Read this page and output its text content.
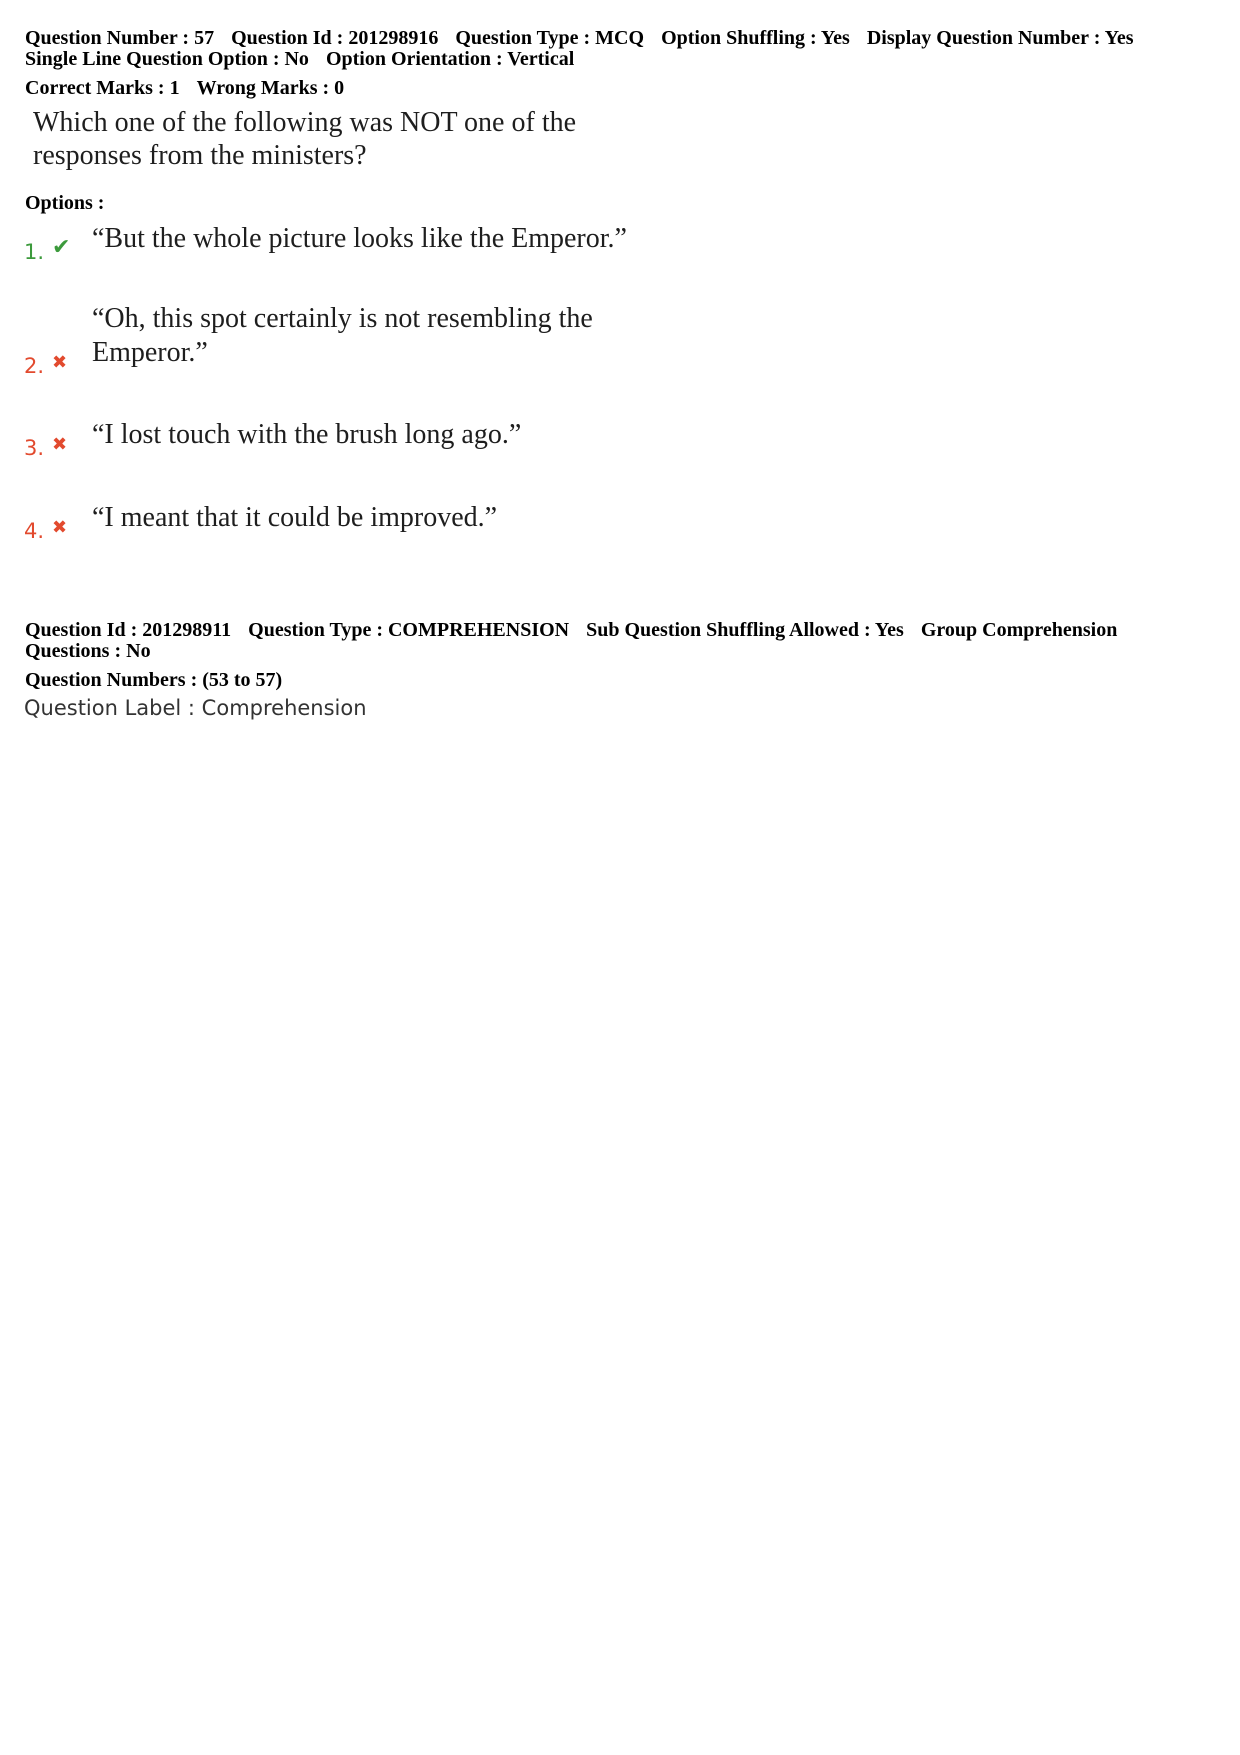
Question Number : 57 Question Id : 201298916 Question Type : MCQ Option Shuffling : Yes Display Question Number : Yes
Single Line Question Option : No Option Orientation : Vertical
Correct Marks : 1 Wrong Marks : 0
Which one of the following was NOT one of the
responses from the ministers?
Options :
1. ✔ “But the whole picture looks like the Emperor.”
2. ✖
“Oh, this spot certainly is not resembling the
Emperor.”
3. ✖ “I lost touch with the brush long ago.”
4. ✖ “I meant that it could be improved.”
Question Id : 201298911 Question Type : COMPREHENSION Sub Question Shuffling Allowed : Yes Group Comprehension
Questions : No
Question Numbers : (53 to 57)
Question Label : Comprehension
